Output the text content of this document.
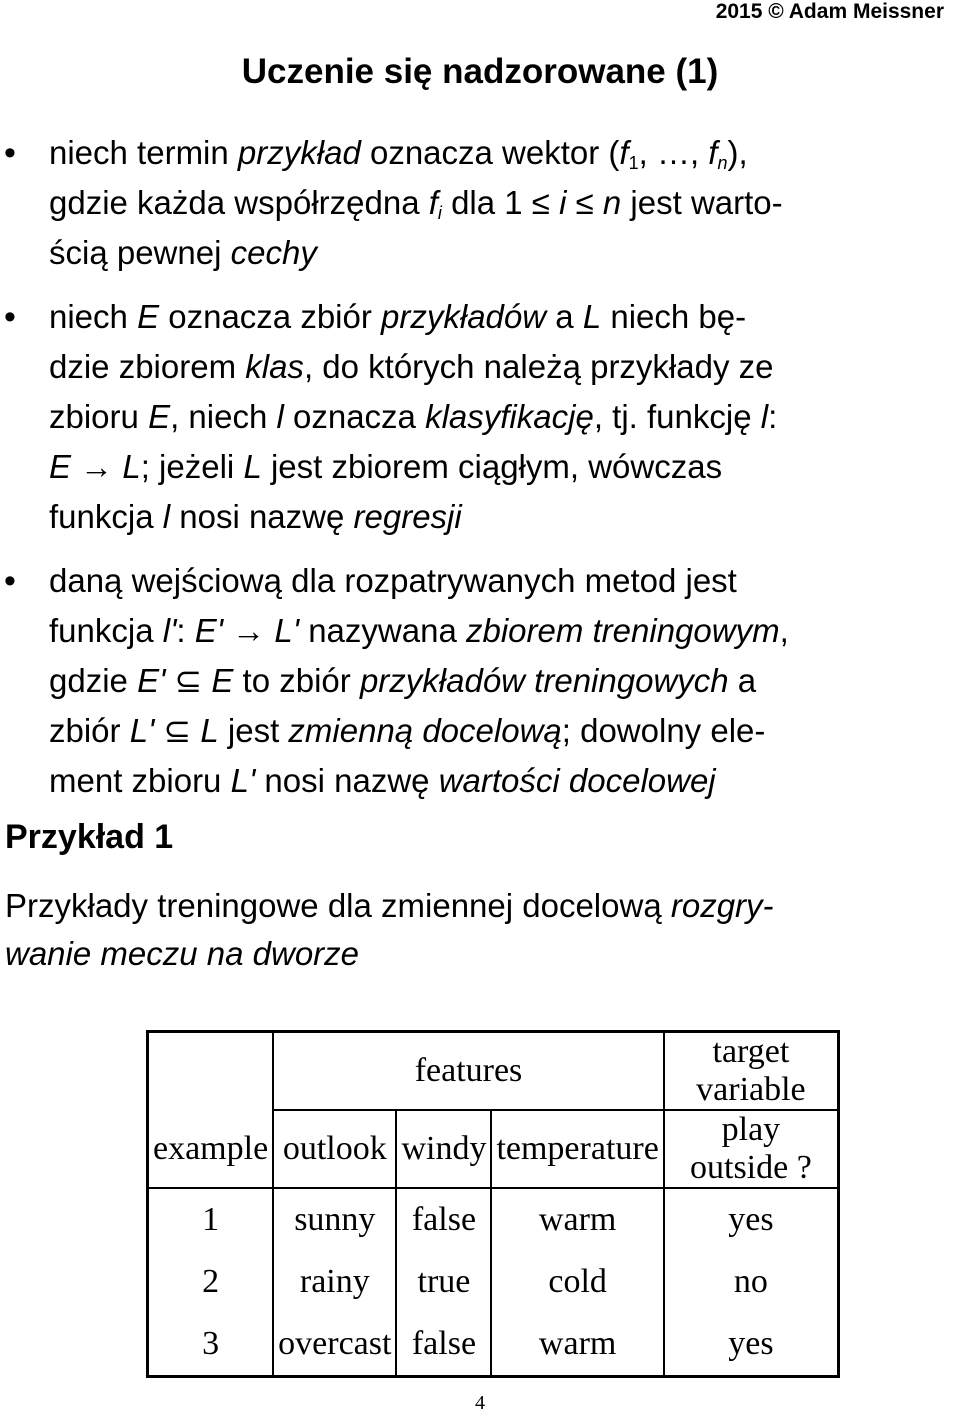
2015 © Adam Meissner
Uczenie się nadzorowane (1)
• niech termin przykład oznacza wektor ($f_1$, …, $f_n$),
gdzie każda współrzędna $f_i$ dla 1 ≤ i ≤ n jest warto-
ścią pewnej cechy
• niech E oznacza zbiór przykładów a L niech bę-
dzie zbiorem klas, do których należą przykłady ze
zbioru E, niech l oznacza klasyfikację, tj. funkcję l:
E → L; jeżeli L jest zbiorem ciągłym, wówczas
funkcja l nosi nazwę regresji
• daną wejściową dla rozpatrywanych metod jest
funkcja l': E' → L' nazywana zbiorem treningowym,
gdzie E' ⊆ E to zbiór przykładów treningowych a
zbiór L' ⊆ L jest zmienną docelową; dowolny ele-
ment zbioru L' nosi nazwę wartości docelowej
Przykład 1
Przykłady treningowe dla zmiennej docelową rozgry-
wanie meczu na dworze
	features			target variable
example	outlook	windy	temperature	play outside ?
1	sunny	false	warm	yes
2	rainy	true	cold	no
3	overcast	false	warm	yes
4
